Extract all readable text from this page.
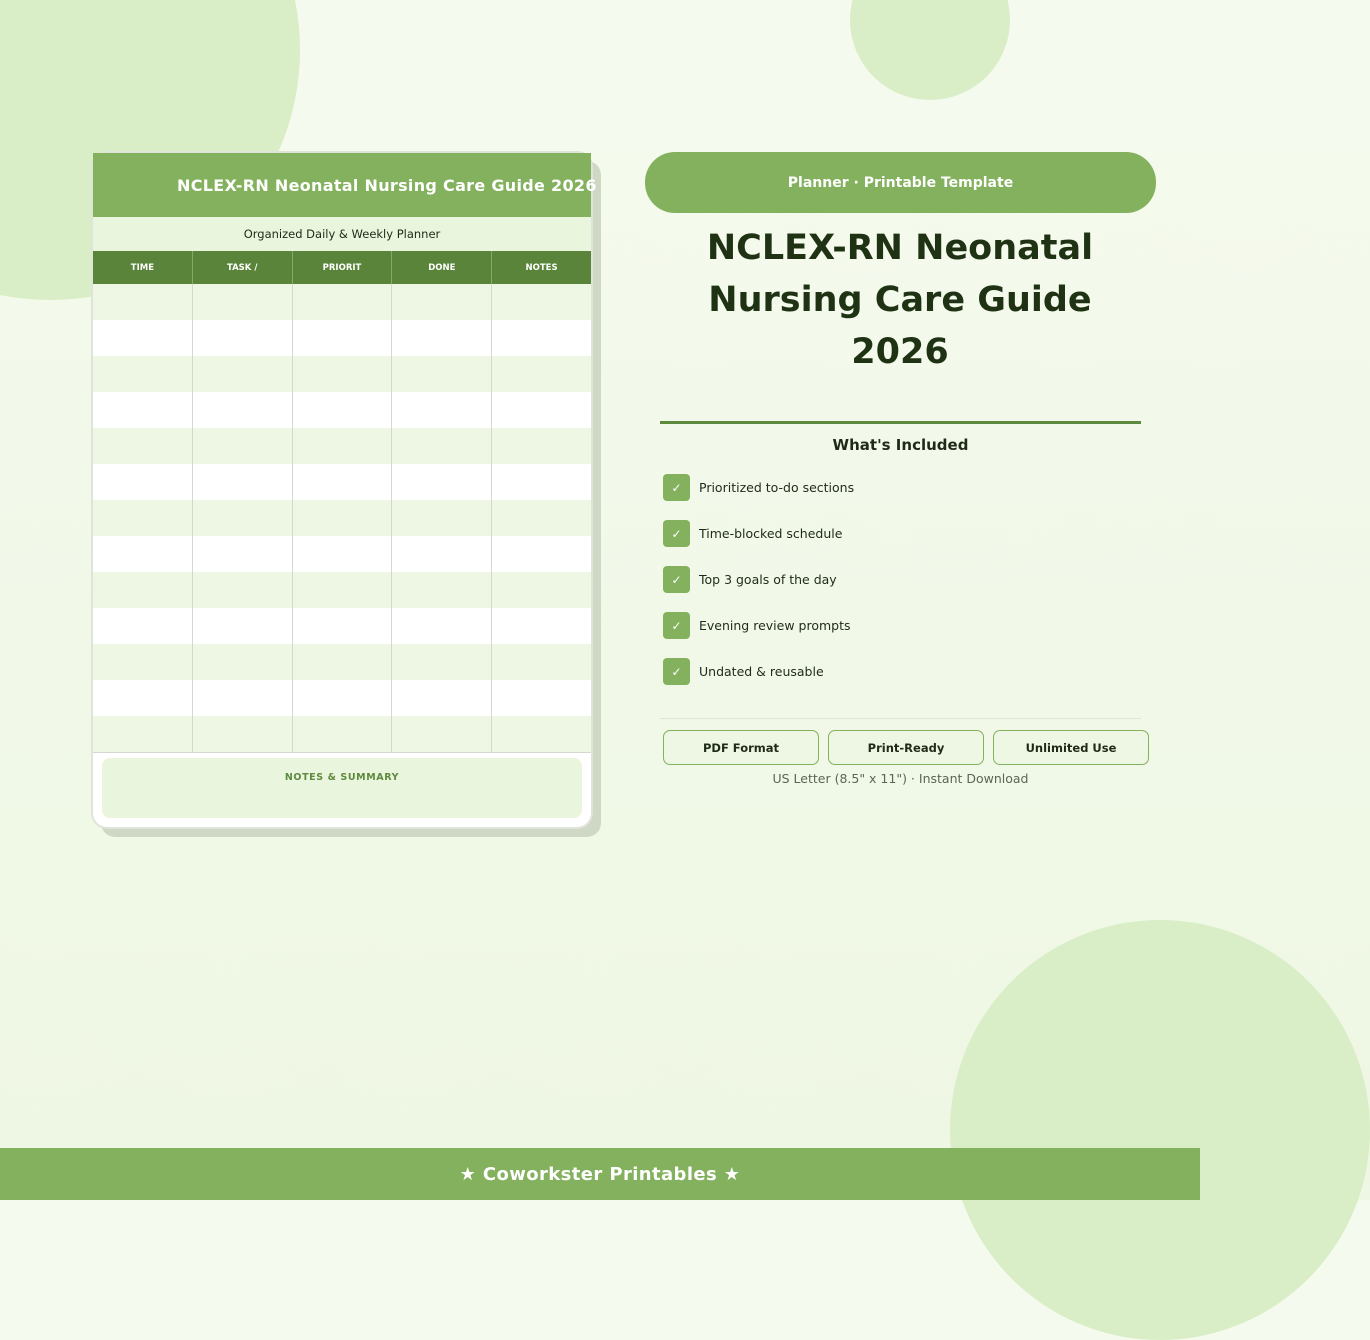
NCLEX-RN Neonatal Nursing Care Guide 2026
Organized Daily & Weekly Planner
TIME	TASK /	PRIORIT	DONE	NOTES
NOTES & SUMMARY
Planner · Printable Template
NCLEX-RN Neonatal Nursing Care Guide 2026
What's Included
✓	Prioritized to-do sections
✓	Time-blocked schedule
✓	Top 3 goals of the day
✓	Evening review prompts
✓	Undated & reusable
PDF Format	Print-Ready	Unlimited Use
US Letter (8.5" x 11") · Instant Download
★ Coworkster Printables ★
